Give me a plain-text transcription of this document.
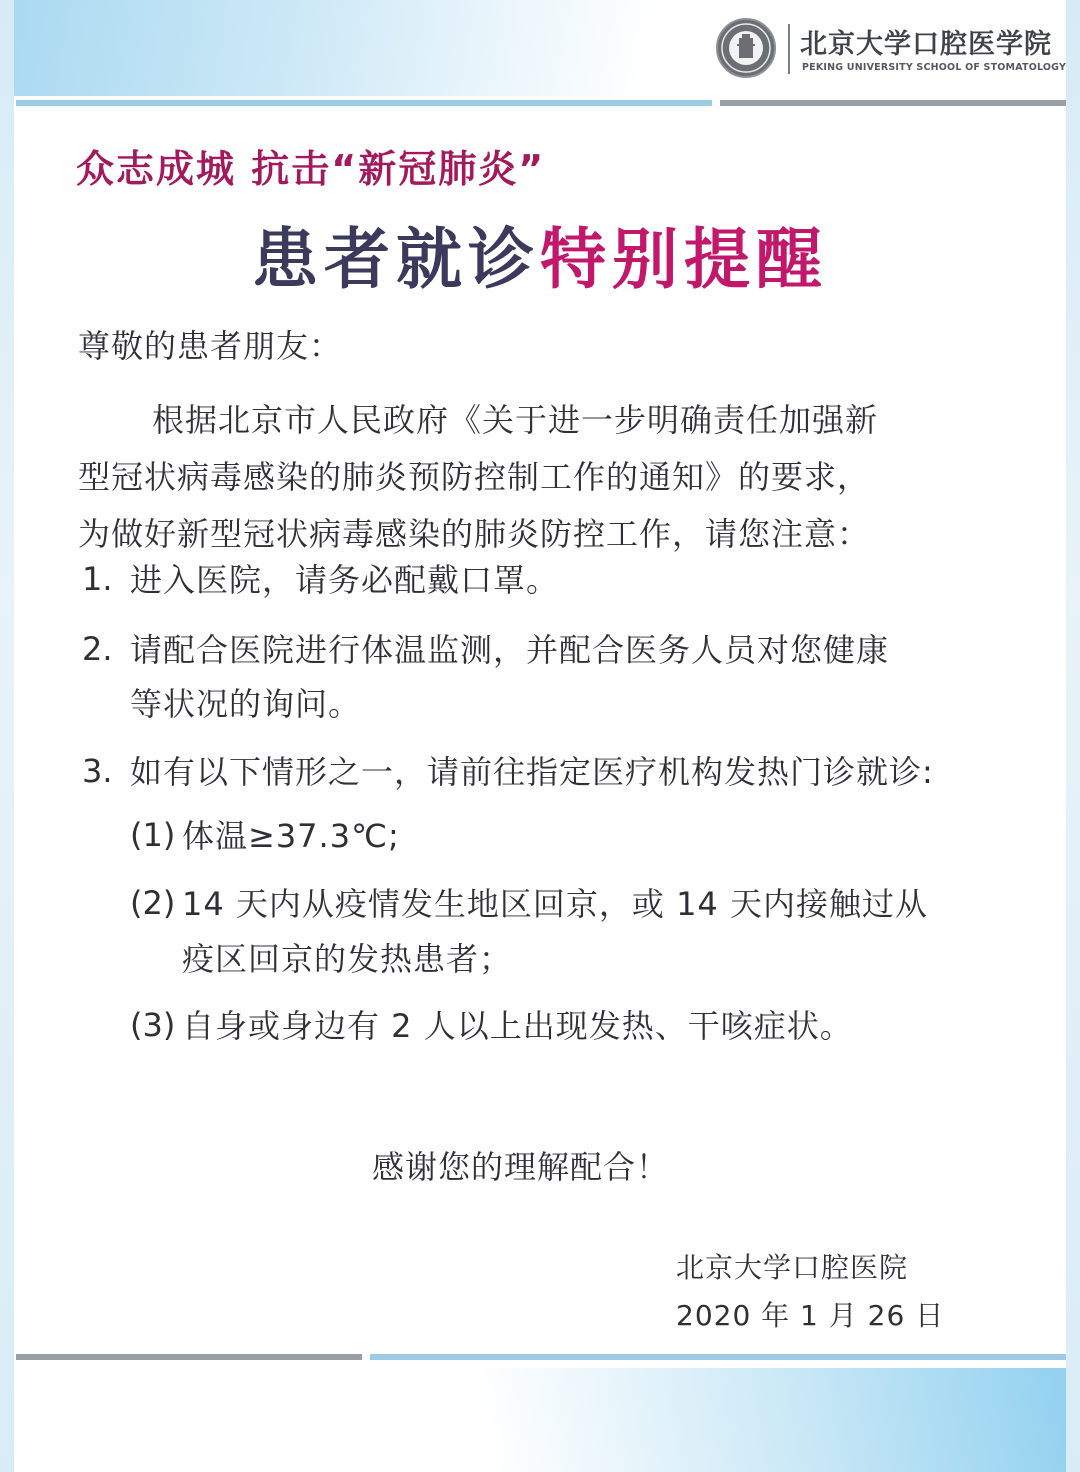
北京大学口腔医学院
PEKING UNIVERSITY SCHOOL OF STOMATOLOGY
众志成城 抗击“新冠肺炎”
患者就诊特别提醒
尊敬的患者朋友：
根据北京市人民政府《关于进一步明确责任加强新
型冠状病毒感染的肺炎预防控制工作的通知》的要求，
为做好新型冠状病毒感染的肺炎防控工作，请您注意：
1. 进入医院，请务必配戴口罩。
2. 请配合医院进行体温监测，并配合医务人员对您健康
等状况的询问。
3. 如有以下情形之一，请前往指定医疗机构发热门诊就诊:
(1) 体温≥37.3℃;
(2) 14 天内从疫情发生地区回京，或 14 天内接触过从
疫区回京的发热患者；
(3) 自身或身边有 2 人以上出现发热、干咳症状。
感谢您的理解配合！
北京大学口腔医院
2020 年 1 月 26 日
